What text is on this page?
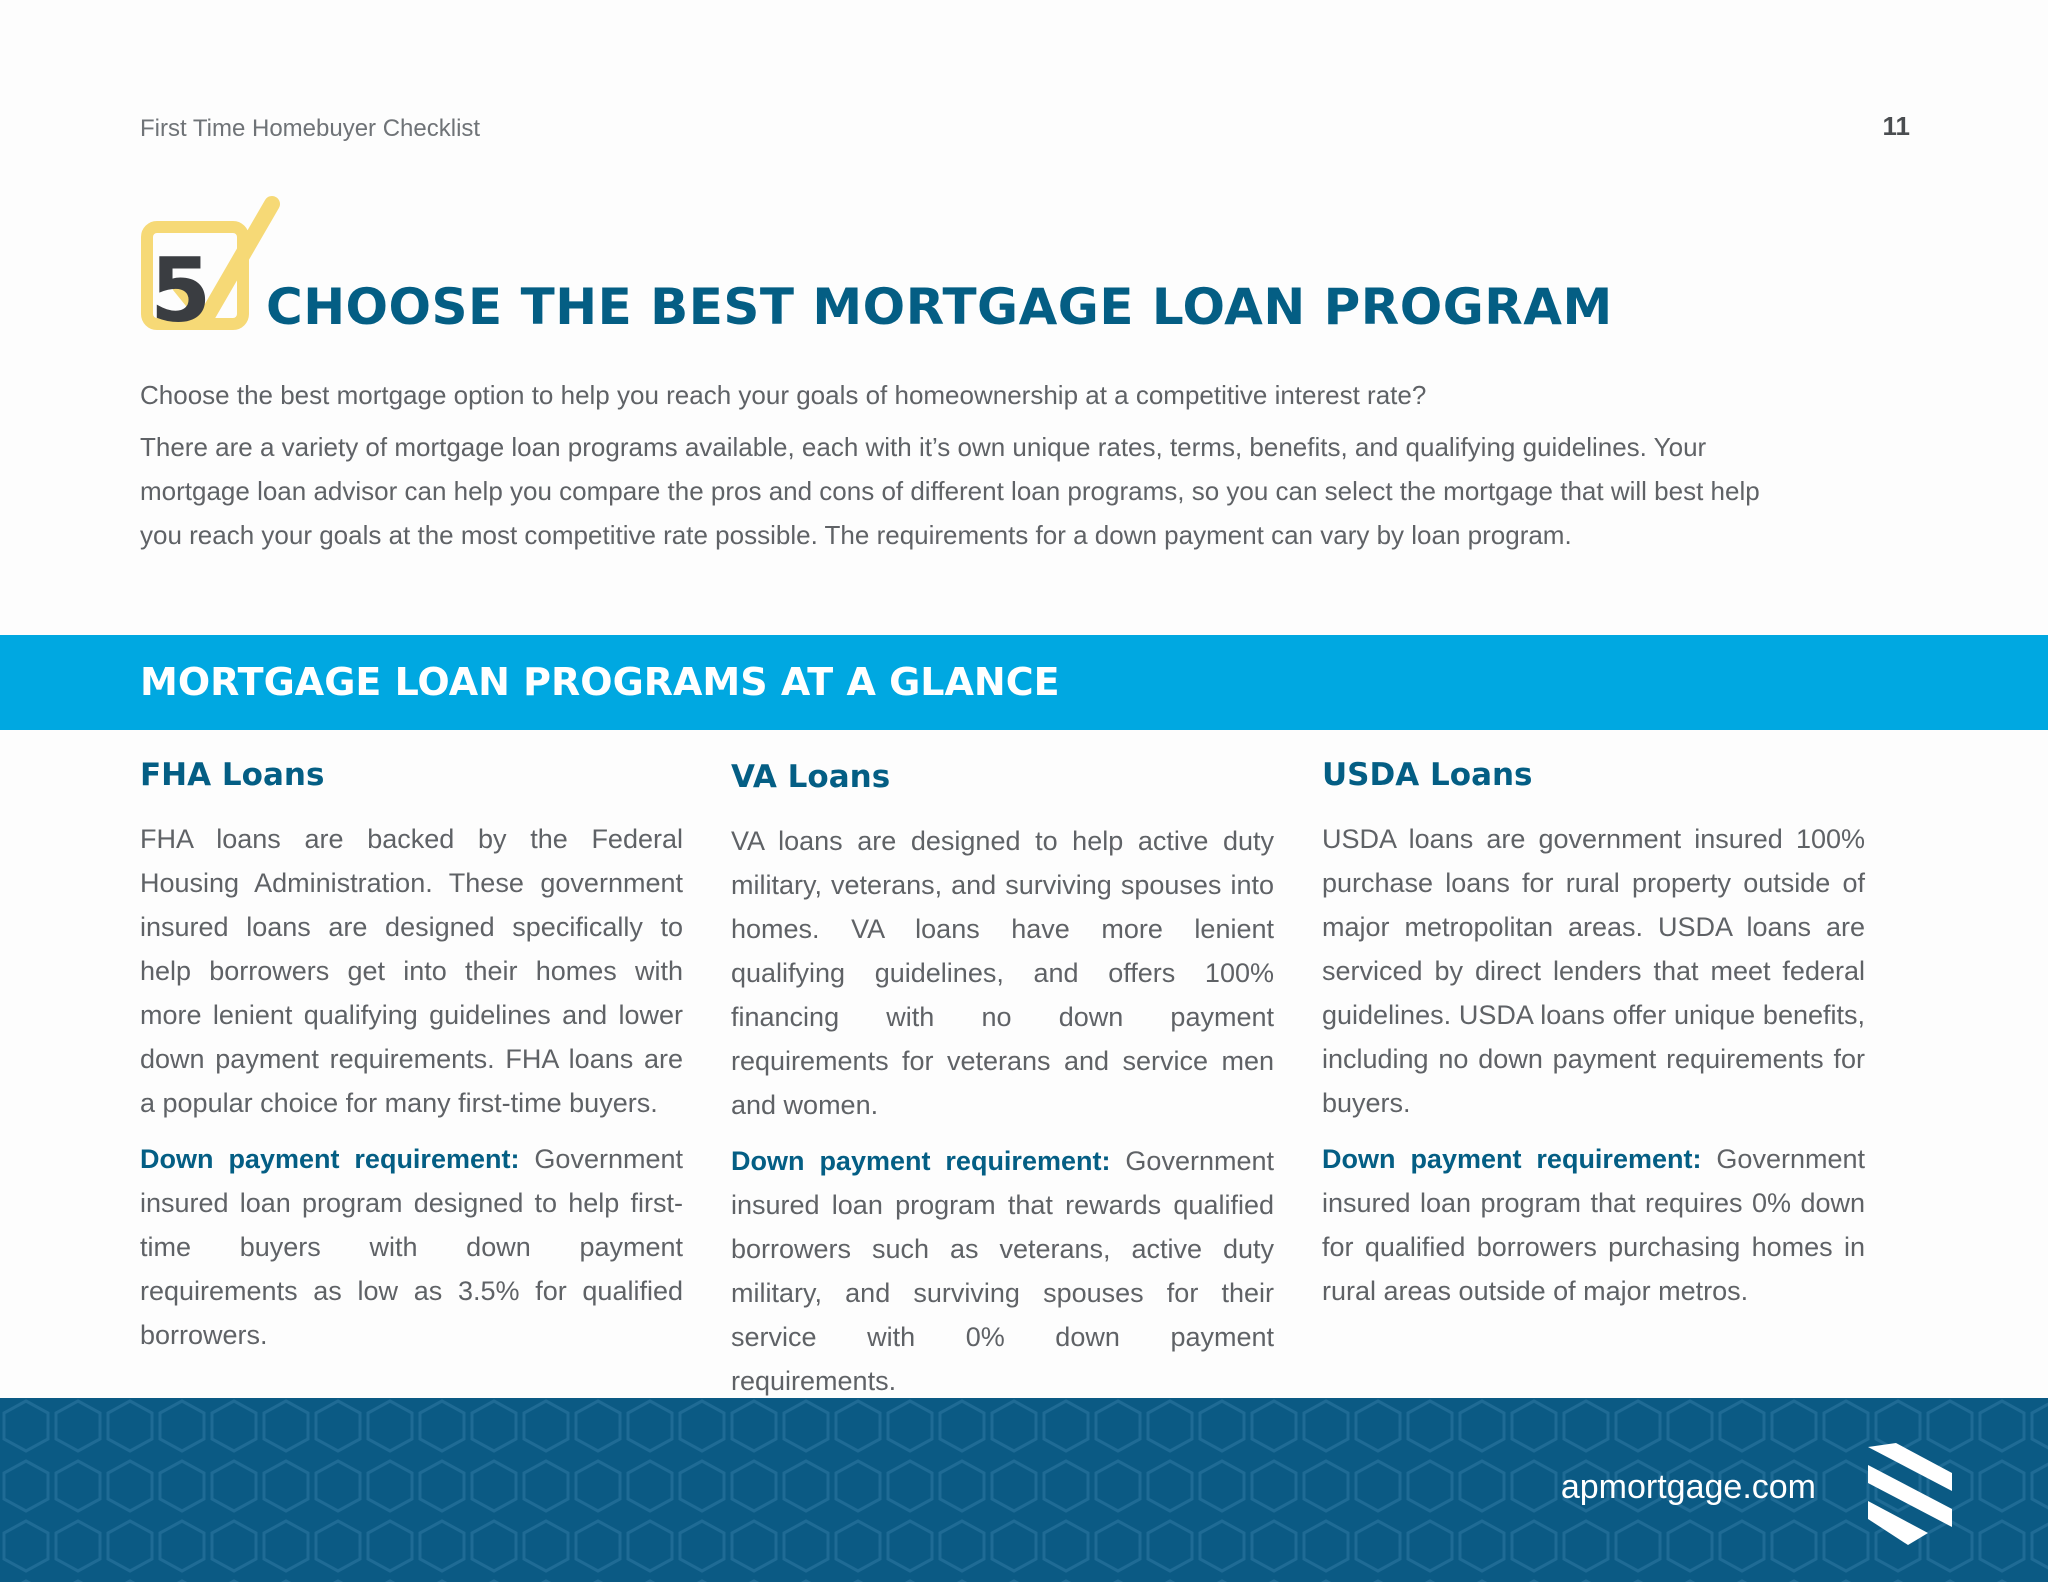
First Time Homebuyer Checklist	11
5 CHOOSE THE BEST MORTGAGE LOAN PROGRAM

Choose the best mortgage option to help you reach your goals of homeownership at a competitive interest rate?

There are a variety of mortgage loan programs available, each with it’s own unique rates, terms, benefits, and qualifying guidelines. Your mortgage loan advisor can help you compare the pros and cons of different loan programs, so you can select the mortgage that will best help you reach your goals at the most competitive rate possible. The requirements for a down payment can vary by loan program.

MORTGAGE LOAN PROGRAMS AT A GLANCE
FHA Loans

FHA loans are backed by the Federal Housing Administration. These government insured loans are designed specifically to help borrowers get into their homes with more lenient qualifying guidelines and lower down payment requirements. FHA loans are a popular choice for many first-time buyers.

Down payment requirement: Government insured loan program designed to help first-time buyers with down payment requirements as low as 3.5% for qualified borrowers.

VA Loans

VA loans are designed to help active duty military, veterans, and surviving spouses into homes. VA loans have more lenient qualifying guidelines, and offers 100% financing with no down payment requirements for veterans and service men and women.

Down payment requirement: Government insured loan program that rewards qualified borrowers such as veterans, active duty military, and surviving spouses for their service with 0% down payment requirements.

USDA Loans

USDA loans are government insured 100% purchase loans for rural property outside of major metropolitan areas. USDA loans are serviced by direct lenders that meet federal guidelines. USDA loans offer unique benefits, including no down payment requirements for buyers.

Down payment requirement: Government insured loan program that requires 0% down for qualified borrowers purchasing homes in rural areas outside of major metros.

apmortgage.com
